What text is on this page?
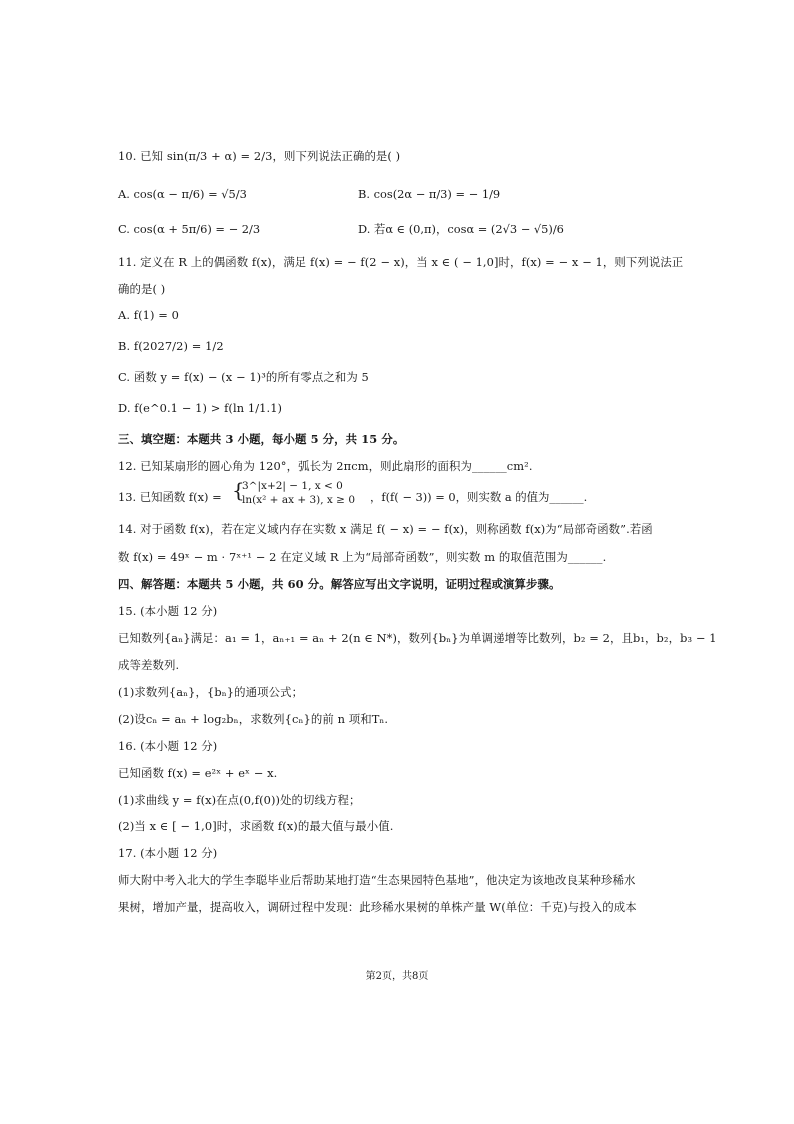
10. 已知 sin(π/3 + α) = 2/3，则下列说法正确的是( )
A. cos(α − π/6) = √5/3	B. cos(2α − π/3) = − 1/9
C. cos(α + 5π/6) = − 2/3	D. 若α ∈ (0,π)，cosα = (2√3 − √5)/6
11. 定义在 R 上的偶函数 f(x)，满足 f(x) = − f(2 − x)，当 x ∈ ( − 1,0]时，f(x) = − x − 1，则下列说法正
确的是( )
A. f(1) = 0
B. f(2027/2) = 1/2
C. 函数 y = f(x) − (x − 1)³的所有零点之和为 5
D. f(e^0.1 − 1) > f(ln 1/1.1)
三、填空题：本题共 3 小题，每小题 5 分，共 15 分。
12. 已知某扇形的圆心角为 120°，弧长为 2πcm，则此扇形的面积为______cm².
13. 已知函数 f(x) = {
3^|x+2| − 1, x < 0
ln(x² + ax + 3), x ≥ 0 ，f(f( − 3)) = 0，则实数 a 的值为______.
14. 对于函数 f(x)，若在定义域内存在实数 x 满足 f( − x) = − f(x)，则称函数 f(x)为“局部奇函数”.若函
数 f(x) = 49ˣ − m · 7ˣ⁺¹ − 2 在定义域 R 上为“局部奇函数”，则实数 m 的取值范围为______.
四、解答题：本题共 5 小题，共 60 分。解答应写出文字说明，证明过程或演算步骤。
15. (本小题 12 分)
已知数列{aₙ}满足：a₁ = 1，aₙ₊₁ = aₙ + 2(n ∈ N*)，数列{bₙ}为单调递增等比数列，b₂ = 2，且b₁，b₂，b₃ − 1
成等差数列.
(1)求数列{aₙ}，{bₙ}的通项公式；
(2)设cₙ = aₙ + log₂bₙ，求数列{cₙ}的前 n 项和Tₙ.
16. (本小题 12 分)
已知函数 f(x) = e²ˣ + eˣ − x.
(1)求曲线 y = f(x)在点(0,f(0))处的切线方程；
(2)当 x ∈ [ − 1,0]时，求函数 f(x)的最大值与最小值.
17. (本小题 12 分)
师大附中考入北大的学生李聪毕业后帮助某地打造“生态果园特色基地”，他决定为该地改良某种珍稀水
果树，增加产量，提高收入，调研过程中发现：此珍稀水果树的单株产量 W(单位：千克)与投入的成本
第2页，共8页
